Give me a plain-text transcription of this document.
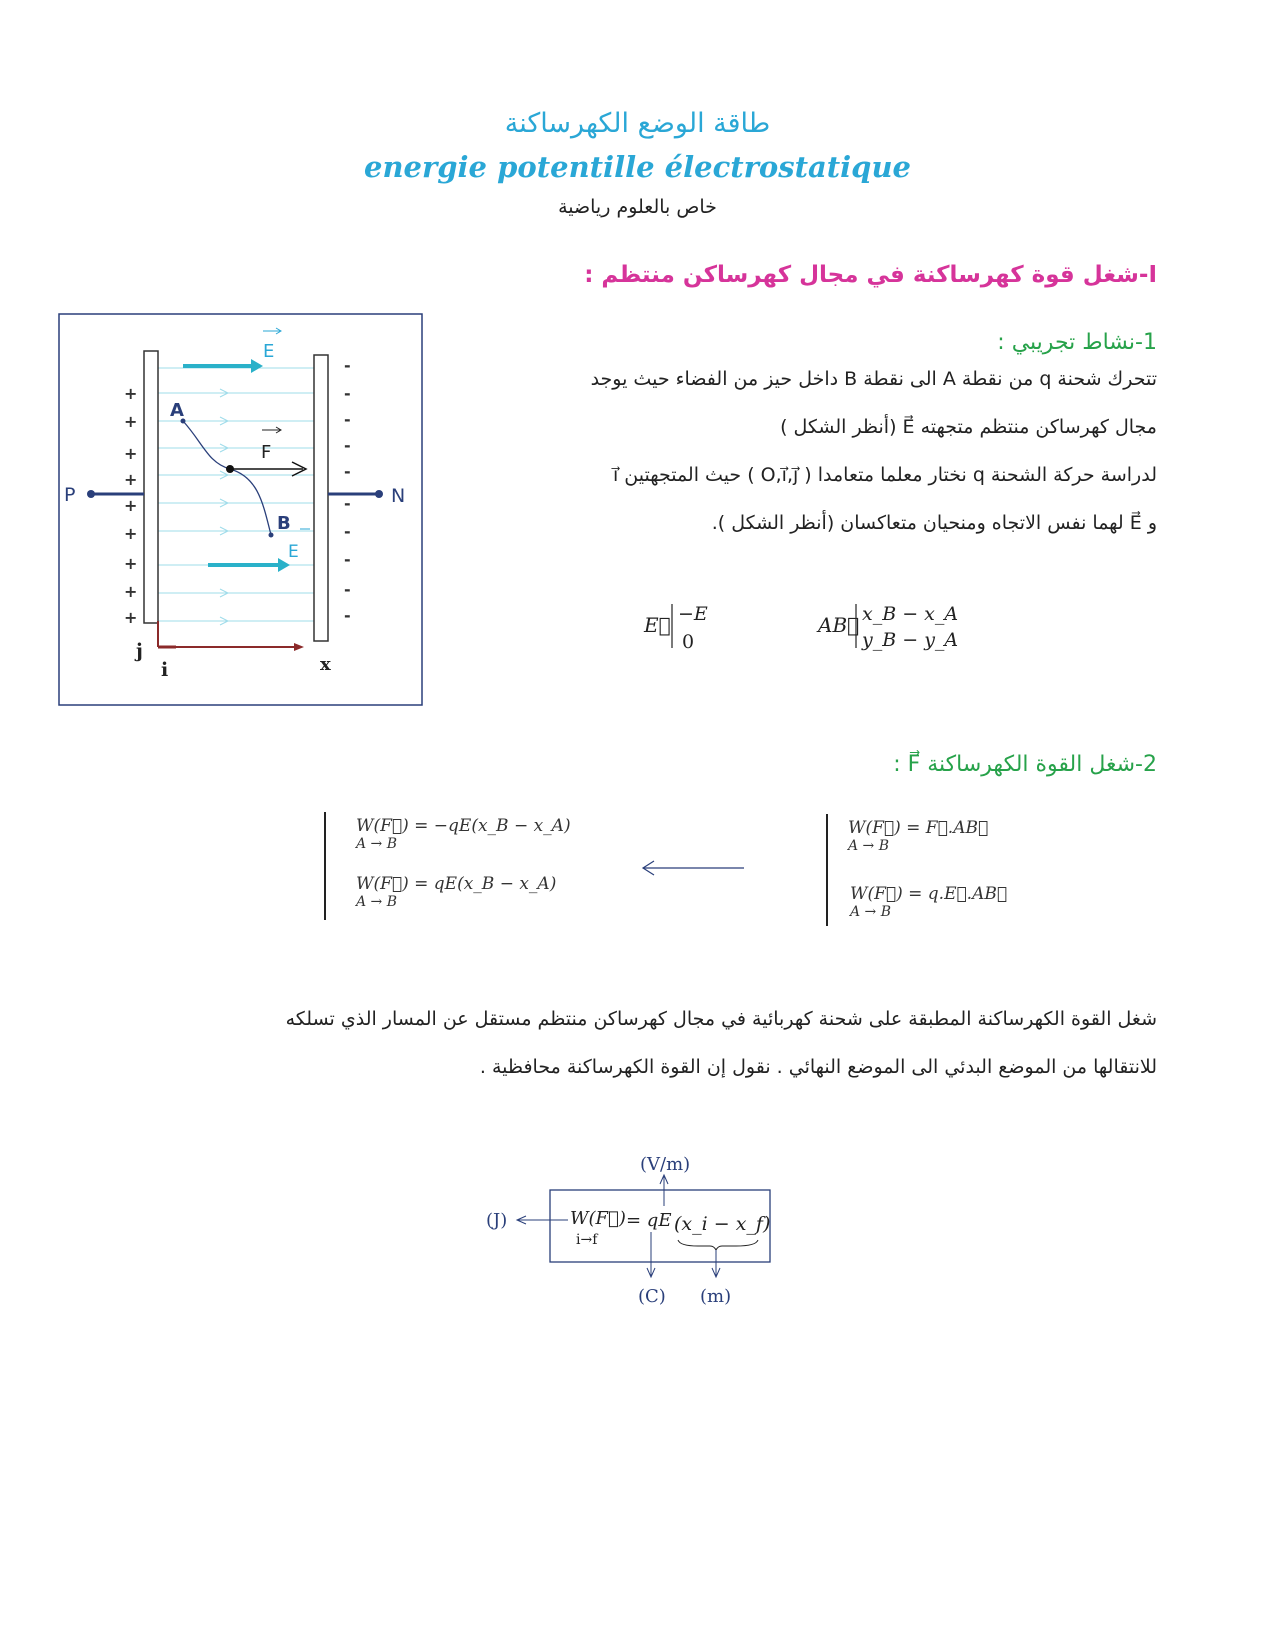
طاقة الوضع الكهرساكنة
energie potentille électrostatique
خاص بالعلوم رياضية
I-شغل قوة كهرساكنة في مجال كهرساكن منتظم :
1-نشاط تجريبي :
تتحرك شحنة q من نقطة A الى نقطة B داخل حيز من الفضاء حيث يوجد
مجال كهرساكن منتظم متجهته E⃗ (أنظر الشكل )
لدراسة حركة الشحنة q نختار معلما متعامدا ( O,i⃗,j⃗ ) حيث المتجهتين i⃗
و E⃗ لهما نفس الاتجاه ومنحيان متعاكسان (أنظر الشكل ).
E⃗ −E
0
AB⃗ x_B − x_A
y_B − y_A
E
P	N
+
+
+
+
+
+
+
+
+
-
-
-
-
-
-
-
-
-
-
A
B
F
E
x
j
i
2-شغل القوة الكهرساكنة F⃗ :
W(F⃗) = F⃗.AB⃗
A → B
W(F⃗) = q.E⃗.AB⃗
A → B
W(F⃗) = −qE(x_B − x_A)
A → B
W(F⃗) = qE(x_B − x_A)
A → B
شغل القوة الكهرساكنة المطبقة على شحنة كهربائية في مجال كهرساكن منتظم مستقل عن المسار الذي تسلكه
للانتقالها من الموضع البدئي الى الموضع النهائي . نقول إن القوة الكهرساكنة محافظية .
W(F⃗)
i→f
= qE (x_i − x_f)
(J)
(V/m)
(C) (m)
